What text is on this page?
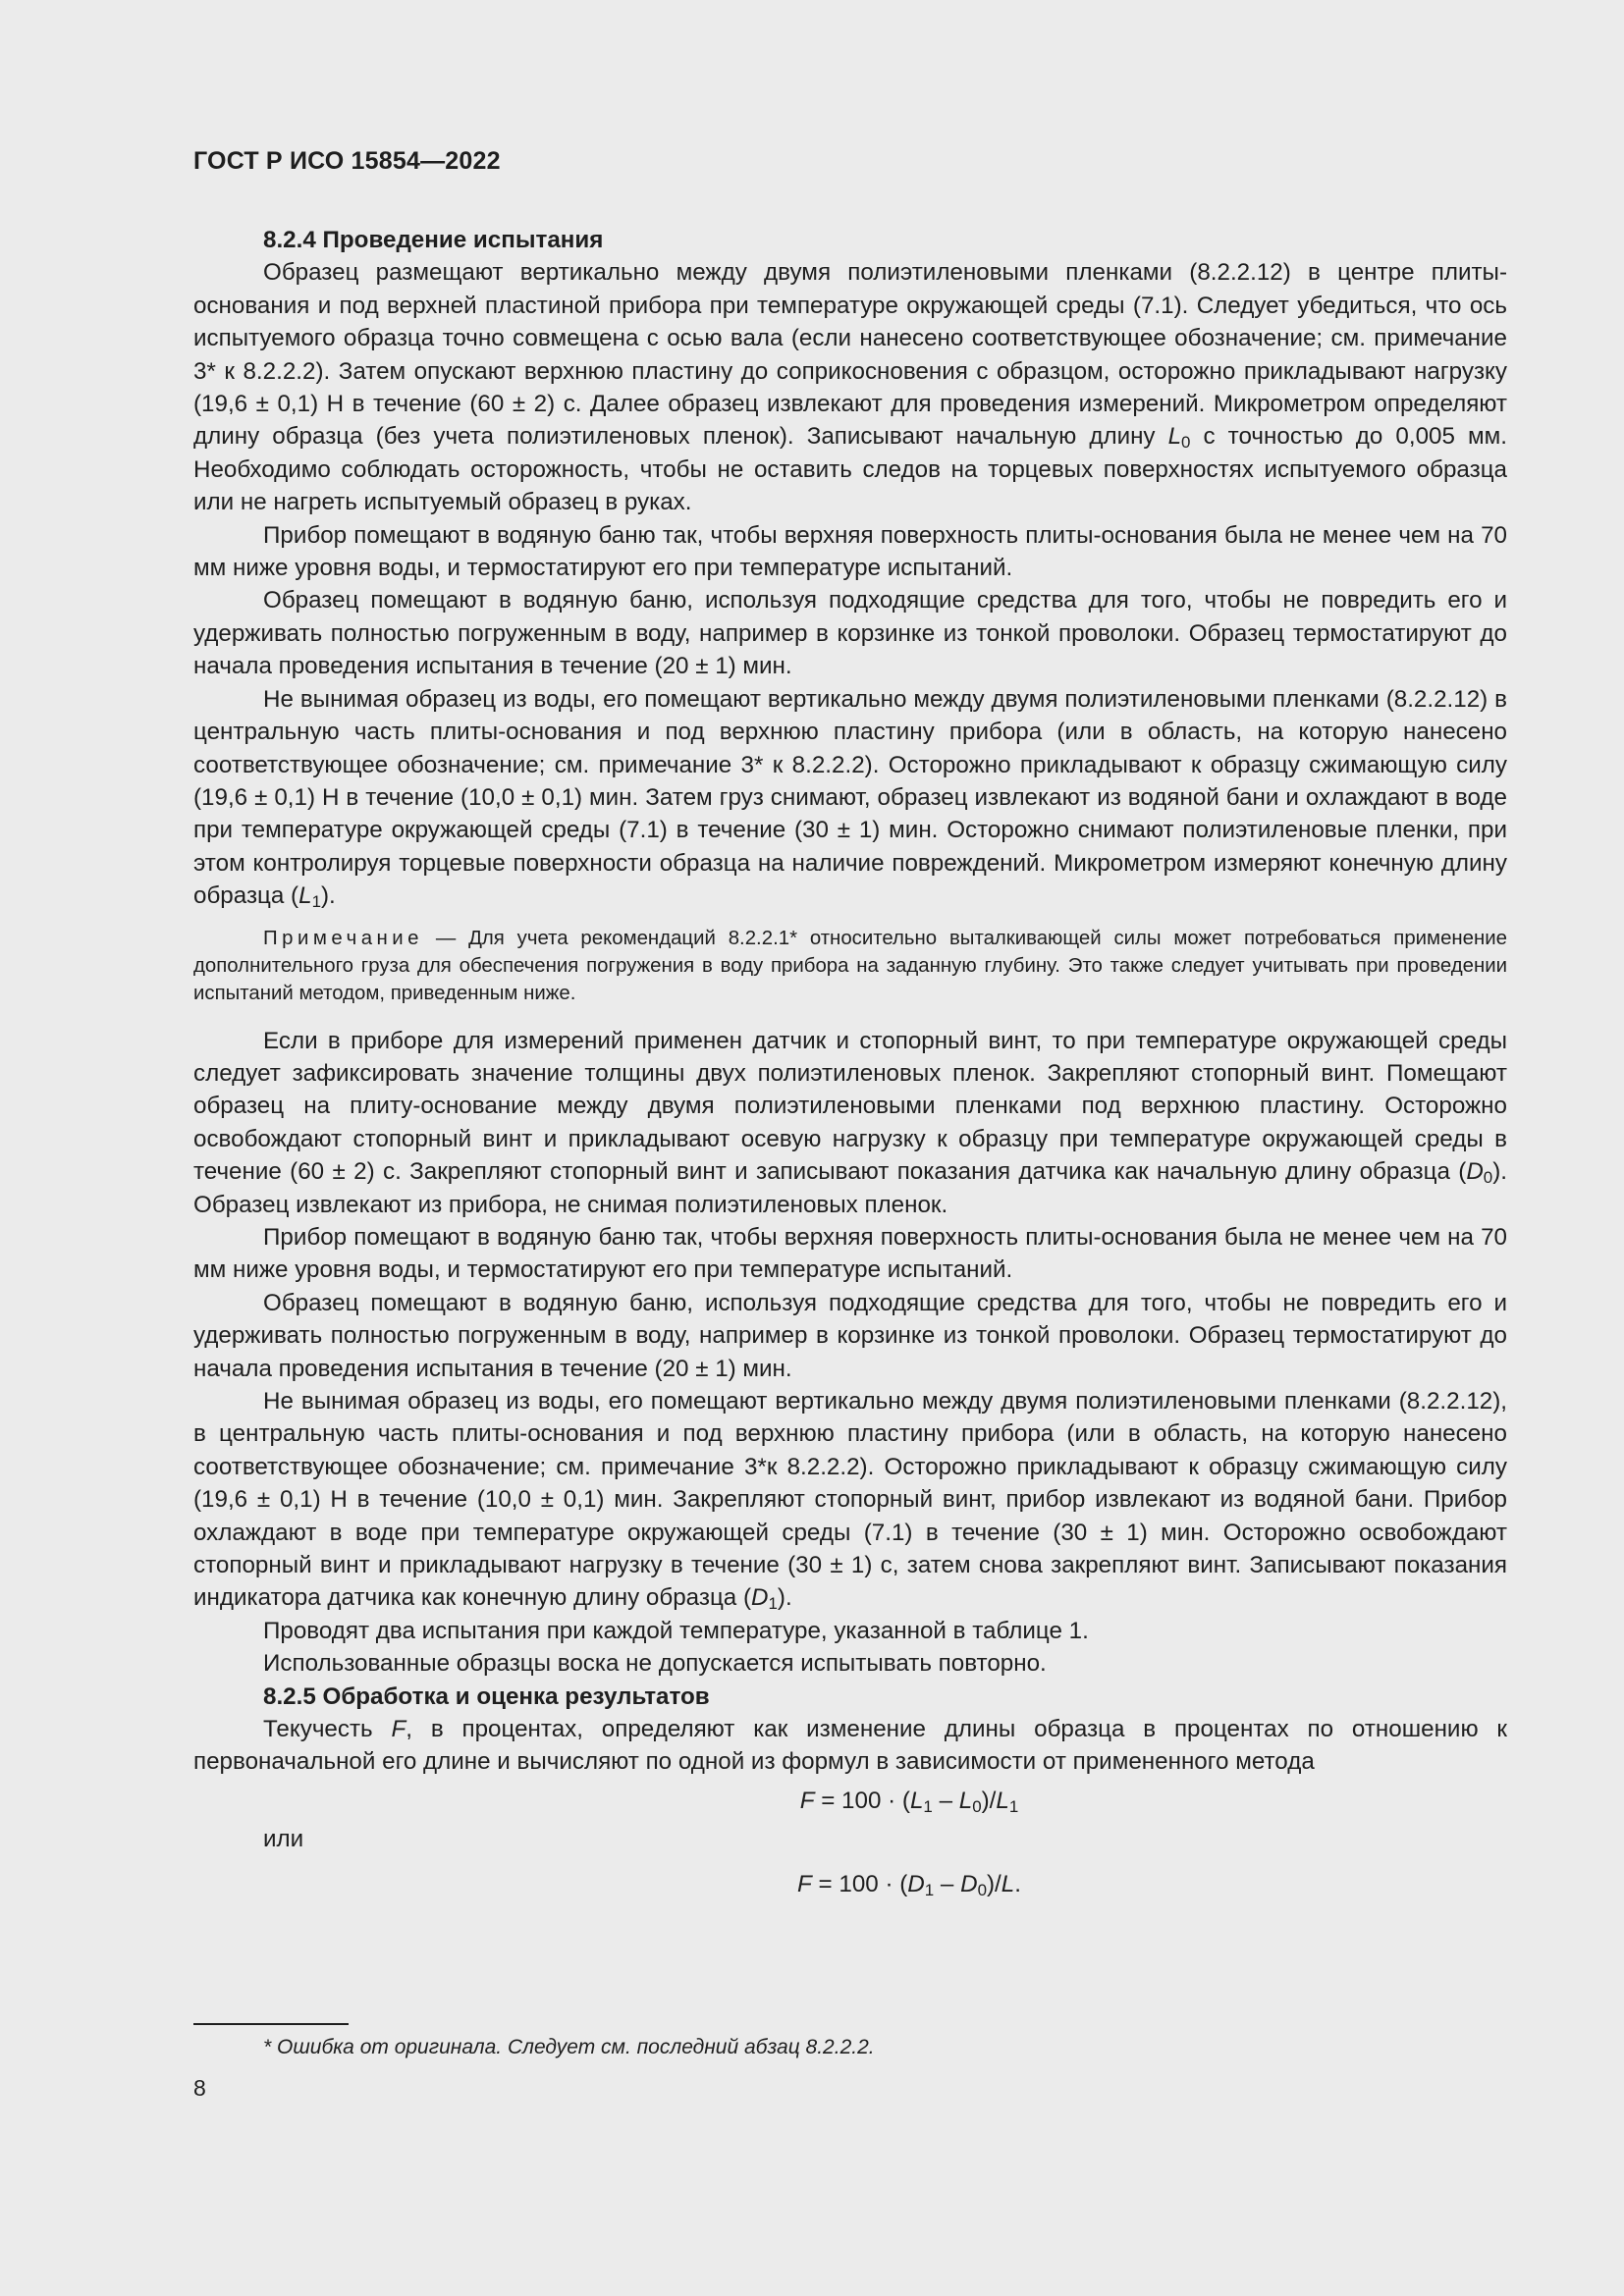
ГОСТ Р ИСО 15854—2022

8.2.4 Проведение испытания

Образец размещают вертикально между двумя полиэтиленовыми пленками (8.2.2.12) в центре плиты-основания и под верхней пластиной прибора при температуре окружающей среды (7.1). Следует убедиться, что ось испытуемого образца точно совмещена с осью вала (если нанесено соответствующее обозначение; см. примечание 3* к 8.2.2.2). Затем опускают верхнюю пластину до соприкосновения с образцом, осторожно прикладывают нагрузку (19,6 ± 0,1) Н в течение (60 ± 2) с. Далее образец извлекают для проведения измерений. Микрометром определяют длину образца (без учета полиэтиленовых пленок). Записывают начальную длину $L_0$ с точностью до 0,005 мм. Необходимо соблюдать осторожность, чтобы не оставить следов на торцевых поверхностях испытуемого образца или не нагреть испытуемый образец в руках.

Прибор помещают в водяную баню так, чтобы верхняя поверхность плиты-основания была не менее чем на 70 мм ниже уровня воды, и термостатируют его при температуре испытаний.

Образец помещают в водяную баню, используя подходящие средства для того, чтобы не повредить его и удерживать полностью погруженным в воду, например в корзинке из тонкой проволоки. Образец термостатируют до начала проведения испытания в течение (20 ± 1) мин.

Не вынимая образец из воды, его помещают вертикально между двумя полиэтиленовыми пленками (8.2.2.12) в центральную часть плиты-основания и под верхнюю пластину прибора (или в область, на которую нанесено соответствующее обозначение; см. примечание 3* к 8.2.2.2). Осторожно прикладывают к образцу сжимающую силу (19,6 ± 0,1) Н в течение (10,0 ± 0,1) мин. Затем груз снимают, образец извлекают из водяной бани и охлаждают в воде при температуре окружающей среды (7.1) в течение (30 ± 1) мин. Осторожно снимают полиэтиленовые пленки, при этом контролируя торцевые поверхности образца на наличие повреждений. Микрометром измеряют конечную длину образца $(L_1)$.

Примечание — Для учета рекомендаций 8.2.2.1* относительно выталкивающей силы может потребоваться применение дополнительного груза для обеспечения погружения в воду прибора на заданную глубину. Это также следует учитывать при проведении испытаний методом, приведенным ниже.

Если в приборе для измерений применен датчик и стопорный винт, то при температуре окружающей среды следует зафиксировать значение толщины двух полиэтиленовых пленок. Закрепляют стопорный винт. Помещают образец на плиту-основание между двумя полиэтиленовыми пленками под верхнюю пластину. Осторожно освобождают стопорный винт и прикладывают осевую нагрузку к образцу при температуре окружающей среды в течение (60 ± 2) с. Закрепляют стопорный винт и записывают показания датчика как начальную длину образца $(D_0)$. Образец извлекают из прибора, не снимая полиэтиленовых пленок.

Прибор помещают в водяную баню так, чтобы верхняя поверхность плиты-основания была не менее чем на 70 мм ниже уровня воды, и термостатируют его при температуре испытаний.

Образец помещают в водяную баню, используя подходящие средства для того, чтобы не повредить его и удерживать полностью погруженным в воду, например в корзинке из тонкой проволоки. Образец термостатируют до начала проведения испытания в течение (20 ± 1) мин.

Не вынимая образец из воды, его помещают вертикально между двумя полиэтиленовыми пленками (8.2.2.12), в центральную часть плиты-основания и под верхнюю пластину прибора (или в область, на которую нанесено соответствующее обозначение; см. примечание 3*к 8.2.2.2). Осторожно прикладывают к образцу сжимающую силу (19,6 ± 0,1) Н в течение (10,0 ± 0,1) мин. Закрепляют стопорный винт, прибор извлекают из водяной бани. Прибор охлаждают в воде при температуре окружающей среды (7.1) в течение (30 ± 1) мин. Осторожно освобождают стопорный винт и прикладывают нагрузку в течение (30 ± 1) с, затем снова закрепляют винт. Записывают показания индикатора датчика как конечную длину образца $(D_1)$.

Проводят два испытания при каждой температуре, указанной в таблице 1.

Использованные образцы воска не допускается испытывать повторно.

8.2.5 Обработка и оценка результатов

Текучесть F, в процентах, определяют как изменение длины образца в процентах по отношению к первоначальной его длине и вычисляют по одной из формул в зависимости от примененного метода

$F = 100 \cdot (L_1 - L_0)/L_1$

или

$F = 100 \cdot (D_1 - D_0)/L$.

* Ошибка от оригинала. Следует см. последний абзац 8.2.2.2.
8
